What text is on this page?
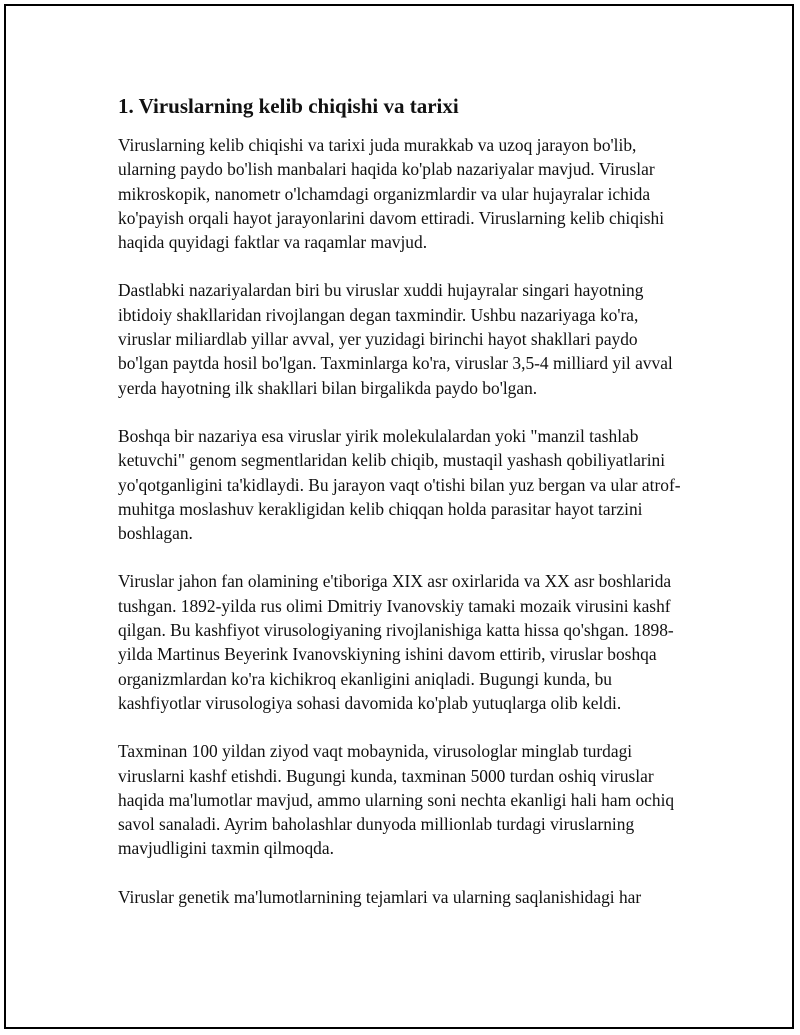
1. Viruslarning kelib chiqishi va tarixi

Viruslarning kelib chiqishi va tarixi juda murakkab va uzoq jarayon bo'lib, ularning paydo bo'lish manbalari haqida ko'plab nazariyalar mavjud. Viruslar mikroskopik, nanometr o'lchamdagi organizmlardir va ular hujayralar ichida ko'payish orqali hayot jarayonlarini davom ettiradi. Viruslarning kelib chiqishi haqida quyidagi faktlar va raqamlar mavjud.

Dastlabki nazariyalardan biri bu viruslar xuddi hujayralar singari hayotning ibtidoiy shakllaridan rivojlangan degan taxmindir. Ushbu nazariyaga ko'ra, viruslar miliardlab yillar avval, yer yuzidagi birinchi hayot shakllari paydo bo'lgan paytda hosil bo'lgan. Taxminlarga ko'ra, viruslar 3,5-4 milliard yil avval yerda hayotning ilk shakllari bilan birgalikda paydo bo'lgan.

Boshqa bir nazariya esa viruslar yirik molekulalardan yoki "manzil tashlab ketuvchi" genom segmentlaridan kelib chiqib, mustaqil yashash qobiliyatlarini yo'qotganligini ta'kidlaydi. Bu jarayon vaqt o'tishi bilan yuz bergan va ular atrof-muhitga moslashuv kerakligidan kelib chiqqan holda parasitar hayot tarzini boshlagan.

Viruslar jahon fan olamining e'tiboriga XIX asr oxirlarida va XX asr boshlarida tushgan. 1892-yilda rus olimi Dmitriy Ivanovskiy tamaki mozaik virusini kashf qilgan. Bu kashfiyot virusologiyaning rivojlanishiga katta hissa qo'shgan. 1898-yilda Martinus Beyerink Ivanovskiyning ishini davom ettirib, viruslar boshqa organizmlardan ko'ra kichikroq ekanligini aniqladi. Bugungi kunda, bu kashfiyotlar virusologiya sohasi davomida ko'plab yutuqlarga olib keldi.

Taxminan 100 yildan ziyod vaqt mobaynida, virusologlar minglab turdagi viruslarni kashf etishdi. Bugungi kunda, taxminan 5000 turdan oshiq viruslar haqida ma'lumotlar mavjud, ammo ularning soni nechta ekanligi hali ham ochiq savol sanaladi. Ayrim baholashlar dunyoda millionlab turdagi viruslarning mavjudligini taxmin qilmoqda.

Viruslar genetik ma'lumotlarnining tejamlari va ularning saqlanishidagi har
